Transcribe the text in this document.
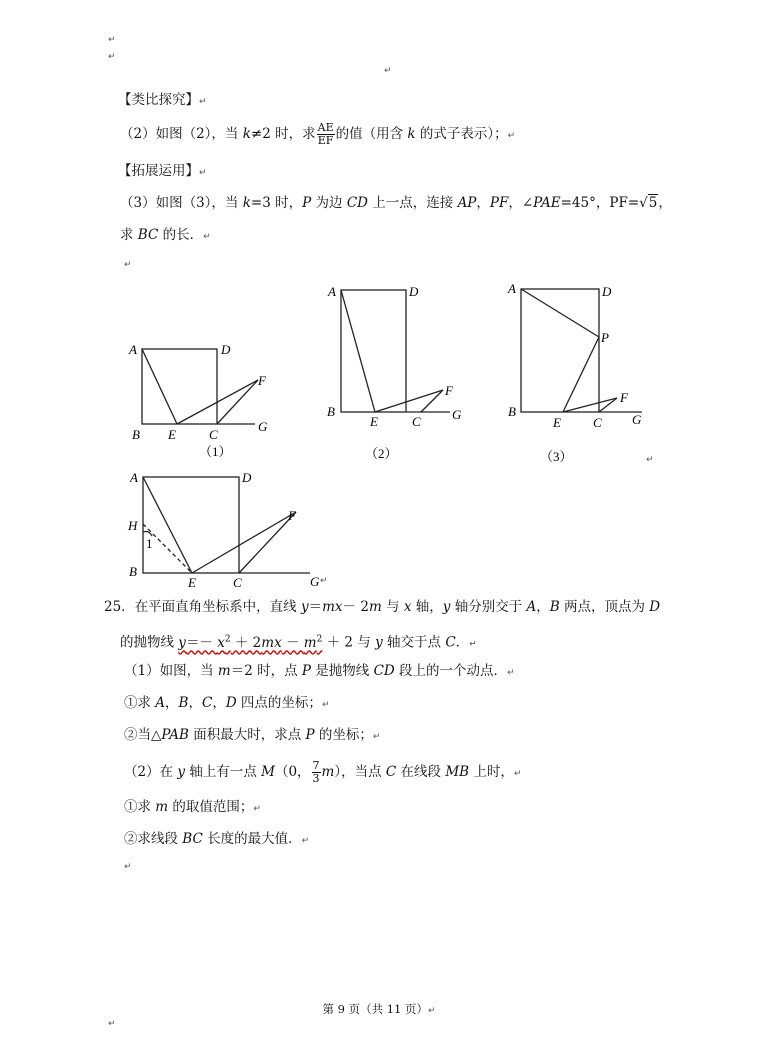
↵
↵
↵
【类比探究】↵
（2）如图（2），当 k≠2 时，求 $\frac{AE}{EF}$ 的值（用含 k 的式子表示）；↵
【拓展运用】↵
（3）如图（3），当 k=3 时，P 为边 CD 上一点，连接 AP，PF，∠PAE=45°，PF=√5，
求 BC 的长．↵
↵
A	D
F
B E	C
G
（1）
A	D
F
B
E	C G
（2）
A	D
P
F
B
E C G
（3）
A	D
H
1
F
B
E	C	G
↵
↵
25．在平面直角坐标系中，直线 y＝mx－ 2m 与 x 轴，y 轴分别交于 A，B 两点，顶点为 D
的抛物线 $y=- x^2 + 2mx - m^2 + 2$ 与 y 轴交于点 C．↵
（1）如图，当 m＝2 时，点 P 是抛物线 CD 段上的一个动点．↵
①求 A，B，C，D 四点的坐标；↵
②当△PAB 面积最大时，求点 P 的坐标；↵
（2）在 y 轴上有一点 M（0， $\frac{7}{3} m$），当点 C 在线段 MB 上时，↵
①求 m 的取值范围；↵
②求线段 BC 长度的最大值．↵
↵
第 9 页（共 11 页）↵
↵
